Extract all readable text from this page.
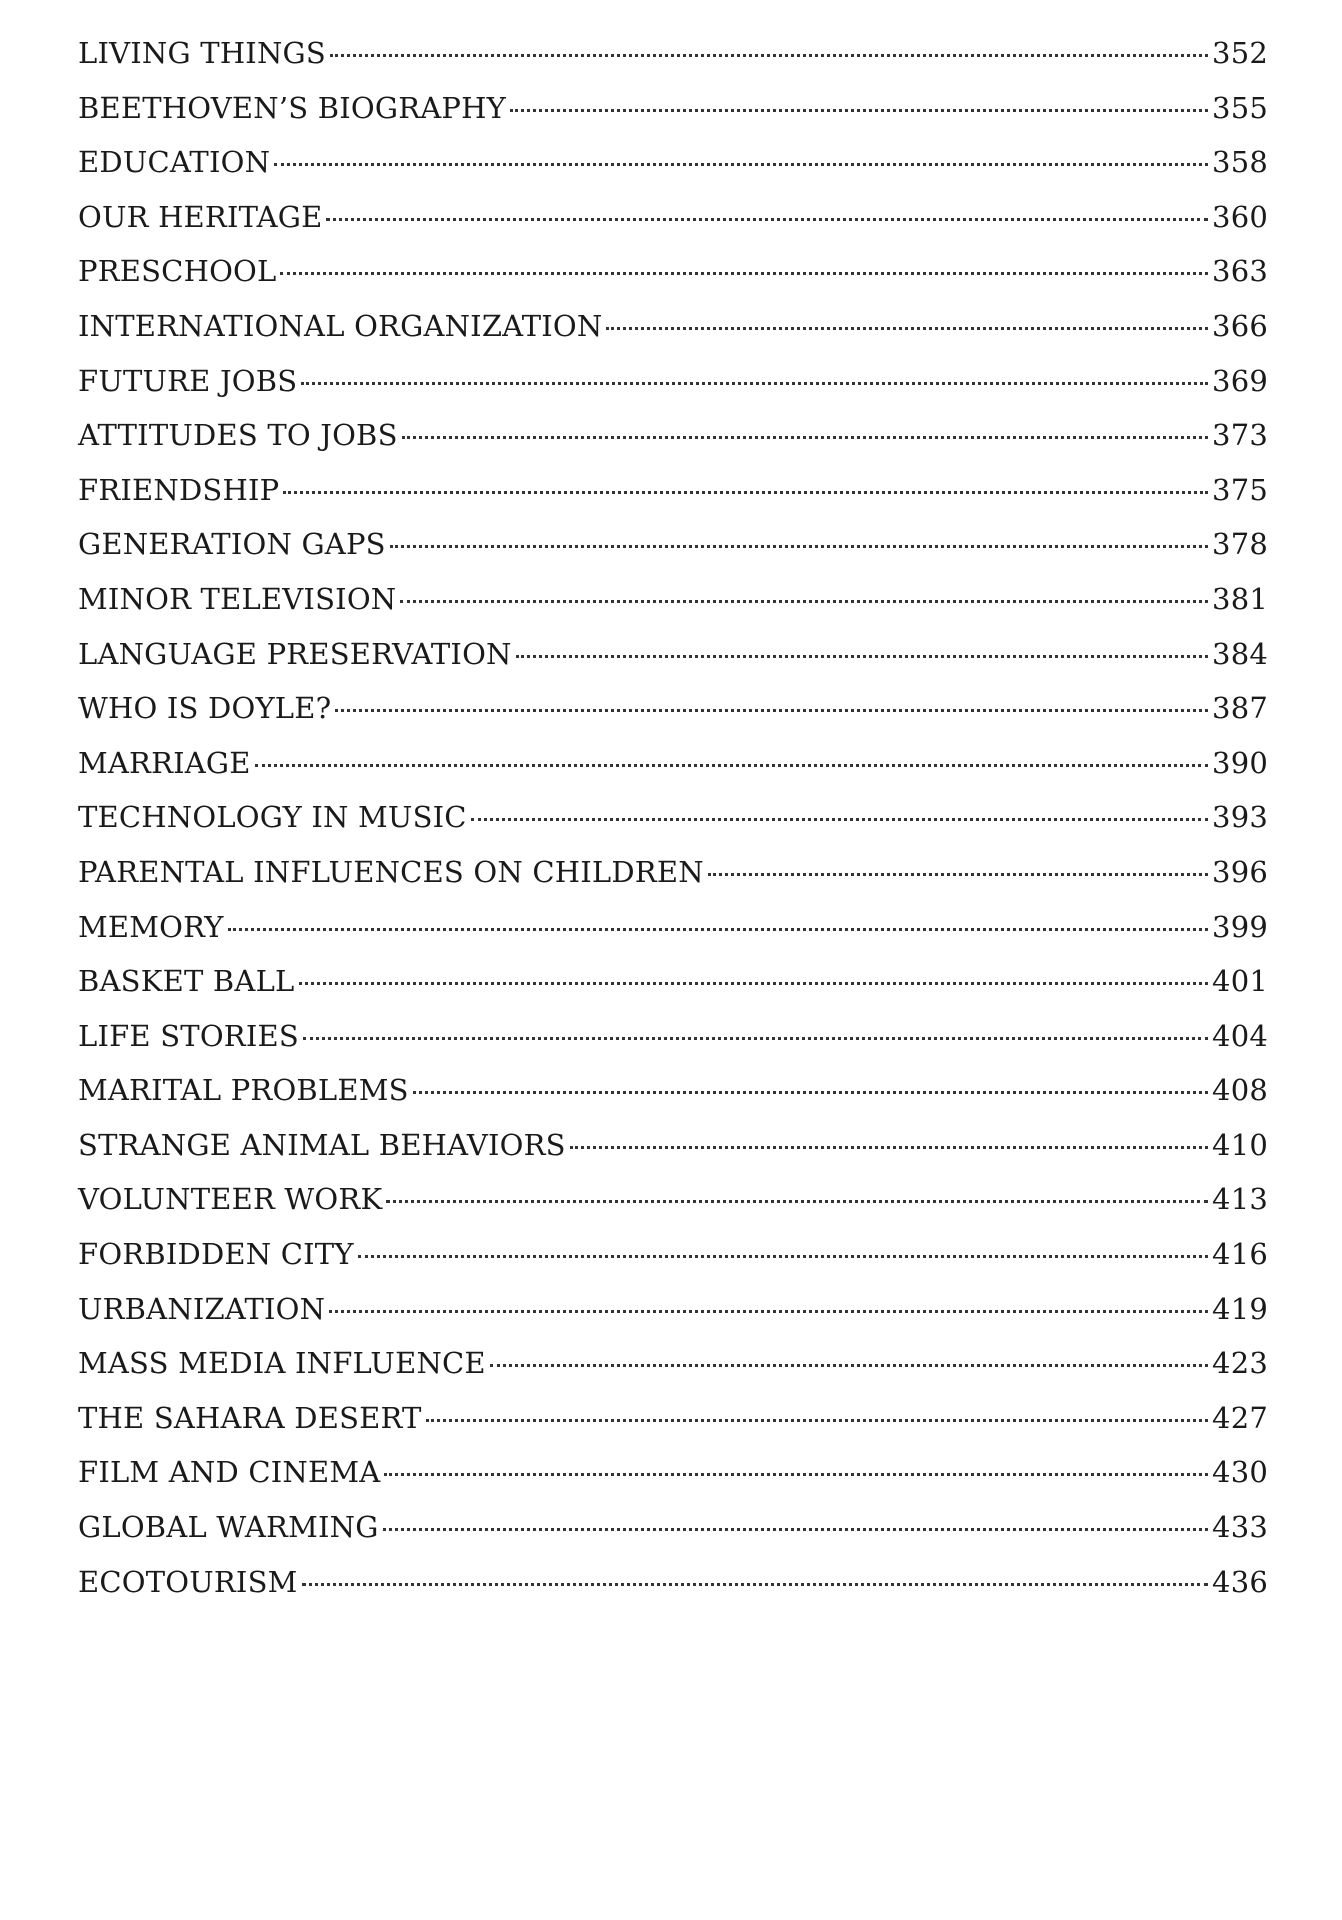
LIVING THINGS	352
BEETHOVEN’S BIOGRAPHY	355
EDUCATION	358
OUR HERITAGE	360
PRESCHOOL	363
INTERNATIONAL ORGANIZATION	366
FUTURE JOBS	369
ATTITUDES TO JOBS	373
FRIENDSHIP	375
GENERATION GAPS	378
MINOR TELEVISION	381
LANGUAGE PRESERVATION	384
WHO IS DOYLE?	387
MARRIAGE	390
TECHNOLOGY IN MUSIC	393
PARENTAL INFLUENCES ON CHILDREN	396
MEMORY	399
BASKET BALL	401
LIFE STORIES	404
MARITAL PROBLEMS	408
STRANGE ANIMAL BEHAVIORS	410
VOLUNTEER WORK	413
FORBIDDEN CITY	416
URBANIZATION	419
MASS MEDIA INFLUENCE	423
THE SAHARA DESERT	427
FILM AND CINEMA	430
GLOBAL WARMING	433
ECOTOURISM	436
